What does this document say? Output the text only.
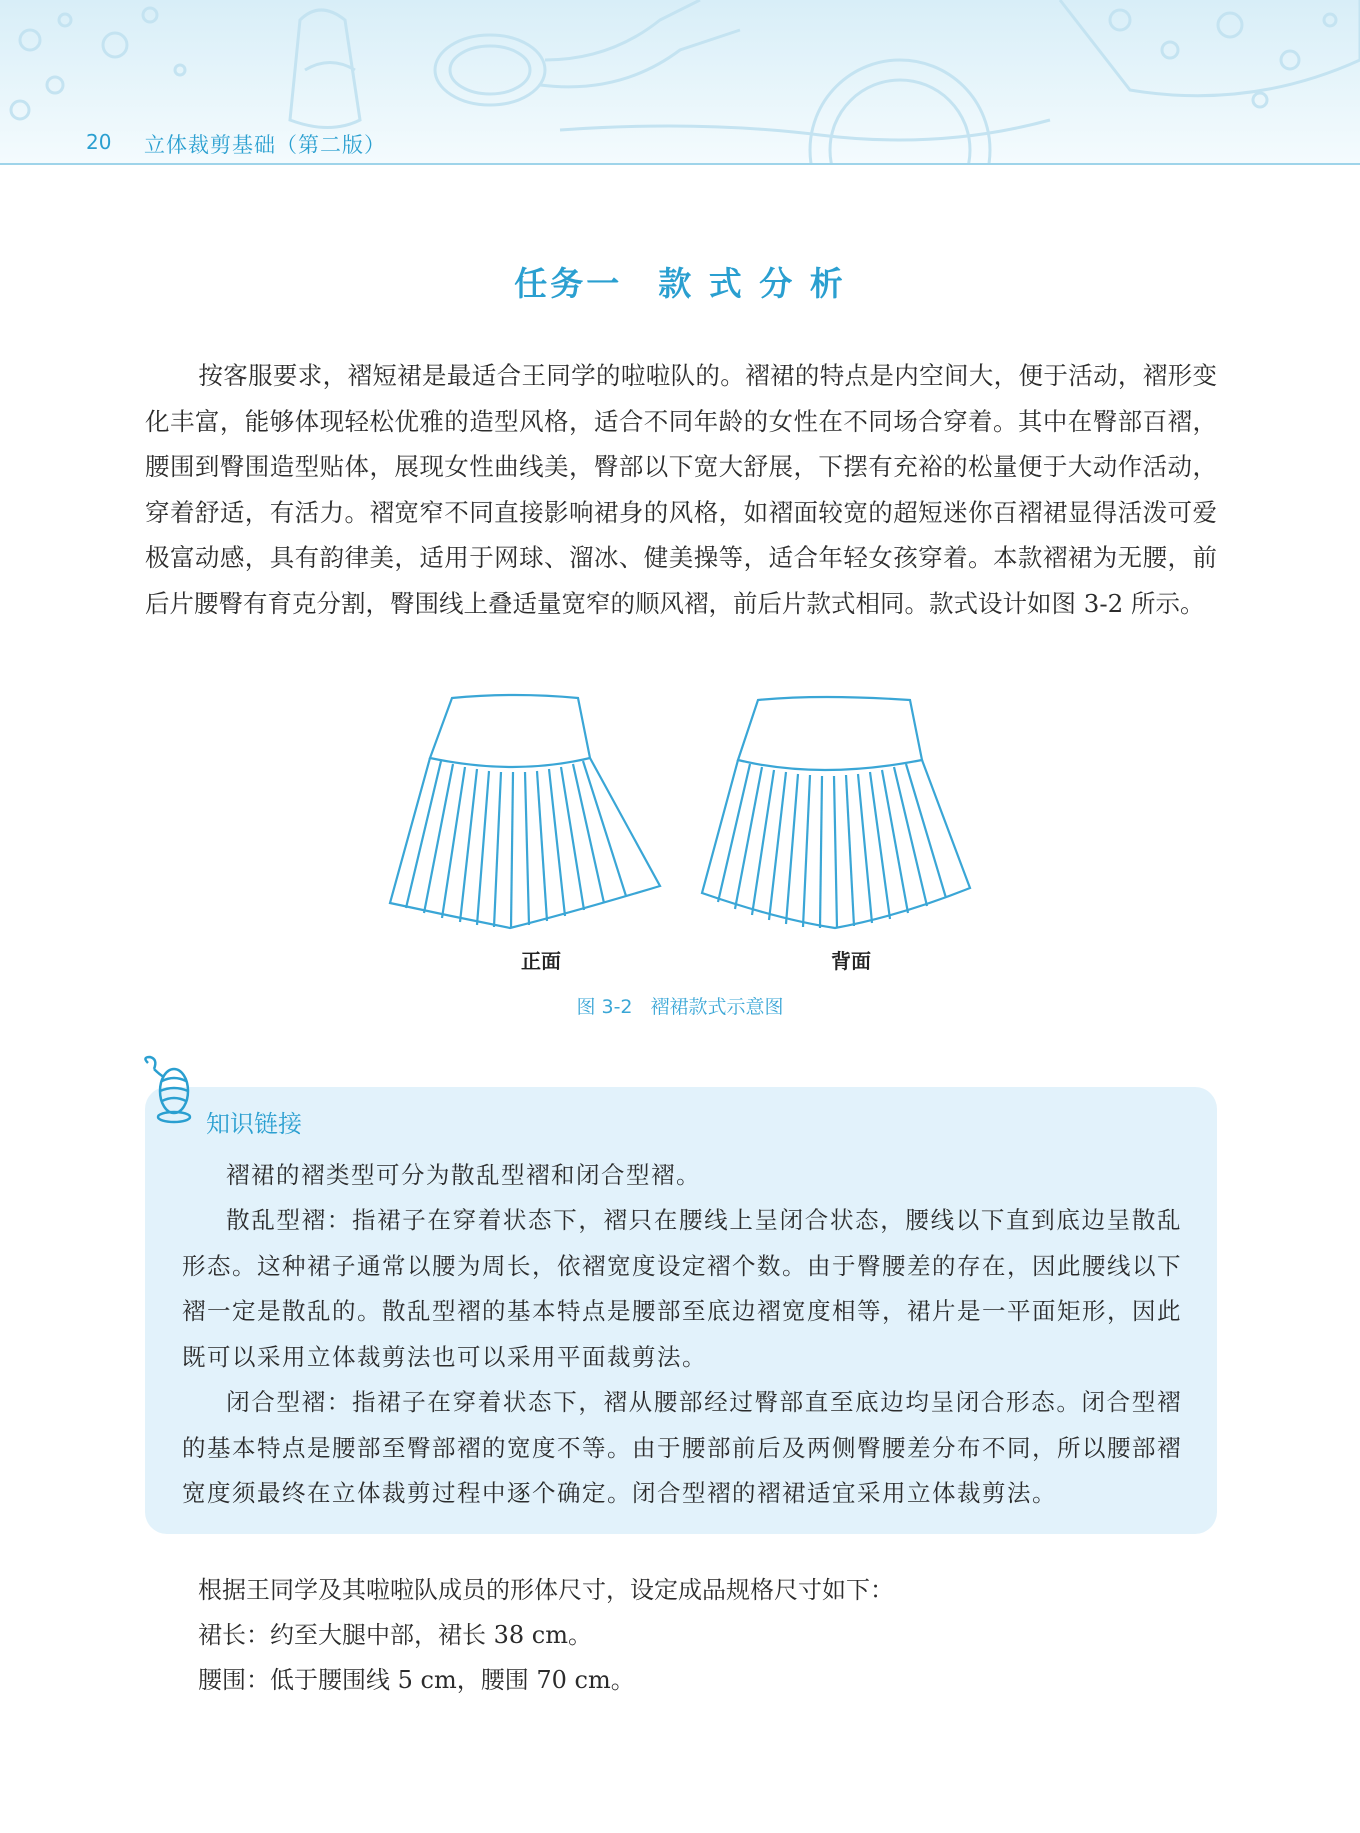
20 立体裁剪基础（第二版）
任务一 款 式 分 析
按客服要求，褶短裙是最适合王同学的啦啦队的。褶裙的特点是内空间大，便于活动，褶形变化丰富，能够体现轻松优雅的造型风格，适合不同年龄的女性在不同场合穿着。其中在臀部百褶，腰围到臀围造型贴体，展现女性曲线美，臀部以下宽大舒展，下摆有充裕的松量便于大动作活动，穿着舒适，有活力。褶宽窄不同直接影响裙身的风格，如褶面较宽的超短迷你百褶裙显得活泼可爱极富动感，具有韵律美，适用于网球、溜冰、健美操等，适合年轻女孩穿着。本款褶裙为无腰，前后片腰臀有育克分割，臀围线上叠适量宽窄的顺风褶，前后片款式相同。款式设计如图 3-2 所示。
正面	背面
图 3-2 褶裙款式示意图
知识链接
褶裙的褶类型可分为散乱型褶和闭合型褶。
散乱型褶：指裙子在穿着状态下，褶只在腰线上呈闭合状态，腰线以下直到底边呈散乱形态。这种裙子通常以腰为周长，依褶宽度设定褶个数。由于臀腰差的存在，因此腰线以下褶一定是散乱的。散乱型褶的基本特点是腰部至底边褶宽度相等，裙片是一平面矩形，因此既可以采用立体裁剪法也可以采用平面裁剪法。
闭合型褶：指裙子在穿着状态下，褶从腰部经过臀部直至底边均呈闭合形态。闭合型褶的基本特点是腰部至臀部褶的宽度不等。由于腰部前后及两侧臀腰差分布不同，所以腰部褶宽度须最终在立体裁剪过程中逐个确定。闭合型褶的褶裙适宜采用立体裁剪法。
根据王同学及其啦啦队成员的形体尺寸，设定成品规格尺寸如下：
裙长：约至大腿中部，裙长 38 cm。
腰围：低于腰围线 5 cm，腰围 70 cm。
